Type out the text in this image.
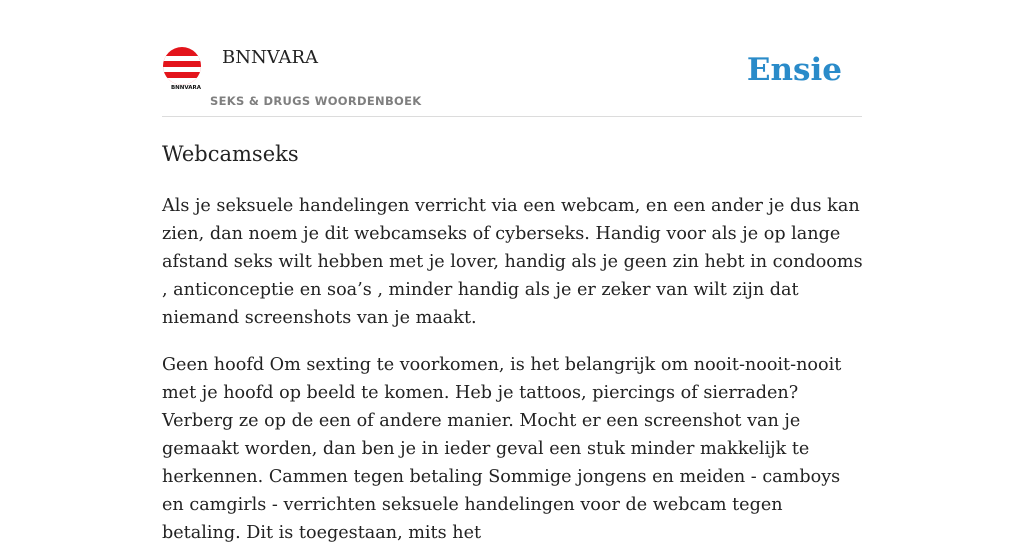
BNNVARA
BNNVARA
SEKS & DRUGS WOORDENBOEK
Ensie
Webcamseks

Als je seksuele handelingen verricht via een webcam, en een ander je dus kan zien, dan noem je dit webcamseks of cyberseks. Handig voor als je op lange afstand seks wilt hebben met je lover, handig als je geen zin hebt in condooms , anticonceptie en soa’s , minder handig als je er zeker van wilt zijn dat niemand screenshots van je maakt.

Geen hoofd Om sexting te voorkomen, is het belangrijk om nooit-nooit-nooit met je hoofd op beeld te komen. Heb je tattoos, piercings of sierraden? Verberg ze op de een of andere manier. Mocht er een screenshot van je gemaakt worden, dan ben je in ieder geval een stuk minder makkelijk te herkennen. Cammen tegen betaling Sommige jongens en meiden - camboys en camgirls - verrichten seksuele handelingen voor de webcam tegen betaling. Dit is toegestaan, mits het
